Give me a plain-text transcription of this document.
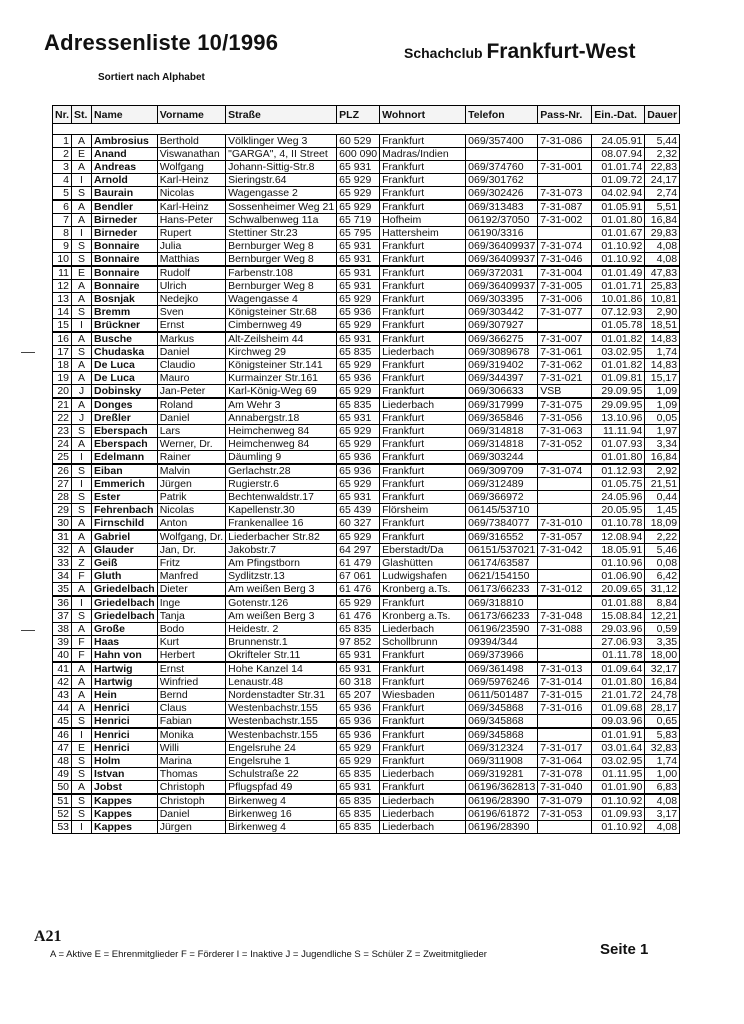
Adressenliste 10/1996	Schachclub Frankfurt-West
Sortiert nach Alphabet
Nr.	St.	Name	Vorname	Straße	PLZ	Wohnort	Telefon	Pass-Nr.	Ein.-Dat.	Dauer

1	A	Ambrosius	Berthold	Völklinger Weg 3	60 529	Frankfurt	069/357400	7-31-086	24.05.91	5,44
2	E	Anand	Viswanathan	"GARGA", 4, II Street	600 090	Madras/Indien			08.07.94	2,32
3	A	Andreas	Wolfgang	Johann-Sittig-Str.8	65 931	Frankfurt	069/374760	7-31-001	01.01.74	22,83
4	I	Arnold	Karl-Heinz	Sieringstr.64	65 929	Frankfurt	069/301762		01.09.72	24,17
5	S	Baurain	Nicolas	Wagengasse 2	65 929	Frankfurt	069/302426	7-31-073	04.02.94	2,74
6	A	Bendler	Karl-Heinz	Sossenheimer Weg 21	65 929	Frankfurt	069/313483	7-31-087	01.05.91	5,51
7	A	Birneder	Hans-Peter	Schwalbenweg 11a	65 719	Hofheim	06192/37050	7-31-002	01.01.80	16,84
8	I	Birneder	Rupert	Stettiner Str.23	65 795	Hattersheim	06190/3316		01.01.67	29,83
9	S	Bonnaire	Julia	Bernburger Weg 8	65 931	Frankfurt	069/36409937	7-31-074	01.10.92	4,08
10	S	Bonnaire	Matthias	Bernburger Weg 8	65 931	Frankfurt	069/36409937	7-31-046	01.10.92	4,08
11	E	Bonnaire	Rudolf	Farbenstr.108	65 931	Frankfurt	069/372031	7-31-004	01.01.49	47,83
12	A	Bonnaire	Ulrich	Bernburger Weg 8	65 931	Frankfurt	069/36409937	7-31-005	01.01.71	25,83
13	A	Bosnjak	Nedejko	Wagengasse 4	65 929	Frankfurt	069/303395	7-31-006	10.01.86	10,81
14	S	Bremm	Sven	Königsteiner Str.68	65 936	Frankfurt	069/303442	7-31-077	07.12.93	2,90
15	I	Brückner	Ernst	Cimbernweg 49	65 929	Frankfurt	069/307927		01.05.78	18,51
16	A	Busche	Markus	Alt-Zeilsheim 44	65 931	Frankfurt	069/366275	7-31-007	01.01.82	14,83
17	S	Chudaska	Daniel	Kirchweg 29	65 835	Liederbach	069/3089678	7-31-061	03.02.95	1,74
18	A	De Luca	Claudio	Königsteiner Str.141	65 929	Frankfurt	069/319402	7-31-062	01.01.82	14,83
19	A	De Luca	Mauro	Kurmainzer Str.161	65 936	Frankfurt	069/344397	7-31-021	01.09.81	15,17
20	J	Dobinsky	Jan-Peter	Karl-König-Weg 69	65 929	Frankfurt	069/306633	VSB	29.09.95	1,09
21	A	Donges	Roland	Am Wehr 3	65 835	Liederbach	069/317999	7-31-075	29.09.95	1,09
22	J	Dreßler	Daniel	Annabergstr.18	65 931	Frankfurt	069/365846	7-31-056	13.10.96	0,05
23	S	Eberspach	Lars	Heimchenweg 84	65 929	Frankfurt	069/314818	7-31-063	11.11.94	1,97
24	A	Eberspach	Werner, Dr.	Heimchenweg 84	65 929	Frankfurt	069/314818	7-31-052	01.07.93	3,34
25	I	Edelmann	Rainer	Däumling 9	65 936	Frankfurt	069/303244		01.01.80	16,84
26	S	Eiban	Malvin	Gerlachstr.28	65 936	Frankfurt	069/309709	7-31-074	01.12.93	2,92
27	I	Emmerich	Jürgen	Rugierstr.6	65 929	Frankfurt	069/312489		01.05.75	21,51
28	S	Ester	Patrik	Bechtenwaldstr.17	65 931	Frankfurt	069/366972		24.05.96	0,44
29	S	Fehrenbach	Nicolas	Kapellenstr.30	65 439	Flörsheim	06145/53710		20.05.95	1,45
30	A	Firnschild	Anton	Frankenallee 16	60 327	Frankfurt	069/7384077	7-31-010	01.10.78	18,09
31	A	Gabriel	Wolfgang, Dr.	Liederbacher Str.82	65 929	Frankfurt	069/316552	7-31-057	12.08.94	2,22
32	A	Glauder	Jan, Dr.	Jakobstr.7	64 297	Eberstadt/Da	06151/537021	7-31-042	18.05.91	5,46
33	Z	Geiß	Fritz	Am Pfingstborn	61 479	Glashütten	06174/63587		01.10.96	0,08
34	F	Gluth	Manfred	Sydlitzstr.13	67 061	Ludwigshafen	0621/154150		01.06.90	6,42
35	A	Griedelbach	Dieter	Am weißen Berg 3	61 476	Kronberg a.Ts.	06173/66233	7-31-012	20.09.65	31,12
36	I	Griedelbach	Inge	Gotenstr.126	65 929	Frankfurt	069/318810		01.01.88	8,84
37	S	Griedelbach	Tanja	Am weißen Berg 3	61 476	Kronberg a.Ts.	06173/66233	7-31-048	15.08.84	12,21
38	A	Große	Bodo	Heidestr. 2	65 835	Liederbach	06196/23590	7-31-088	29.03.96	0,59
39	F	Haas	Kurt	Brunnenstr.1	97 852	Schollbrunn	09394/344		27.06.93	3,35
40	F	Hahn von	Herbert	Okrifteler Str.11	65 931	Frankfurt	069/373966		01.11.78	18,00
41	A	Hartwig	Ernst	Hohe Kanzel 14	65 931	Frankfurt	069/361498	7-31-013	01.09.64	32,17
42	A	Hartwig	Winfried	Lenaustr.48	60 318	Frankfurt	069/5976246	7-31-014	01.01.80	16,84
43	A	Hein	Bernd	Nordenstadter Str.31	65 207	Wiesbaden	0611/501487	7-31-015	21.01.72	24,78
44	A	Henrici	Claus	Westenbachstr.155	65 936	Frankfurt	069/345868	7-31-016	01.09.68	28,17
45	S	Henrici	Fabian	Westenbachstr.155	65 936	Frankfurt	069/345868		09.03.96	0,65
46	I	Henrici	Monika	Westenbachstr.155	65 936	Frankfurt	069/345868		01.01.91	5,83
47	E	Henrici	Willi	Engelsruhe 24	65 929	Frankfurt	069/312324	7-31-017	03.01.64	32,83
48	S	Holm	Marina	Engelsruhe 1	65 929	Frankfurt	069/311908	7-31-064	03.02.95	1,74
49	S	Istvan	Thomas	Schulstraße 22	65 835	Liederbach	069/319281	7-31-078	01.11.95	1,00
50	A	Jobst	Christoph	Pflugspfad 49	65 931	Frankfurt	06196/362813	7-31-040	01.01.90	6,83
51	S	Kappes	Christoph	Birkenweg 4	65 835	Liederbach	06196/28390	7-31-079	01.10.92	4,08
52	S	Kappes	Daniel	Birkenweg 16	65 835	Liederbach	06196/61872	7-31-053	01.09.93	3,17
53	I	Kappes	Jürgen	Birkenweg 4	65 835	Liederbach	06196/28390		01.10.92	4,08
A21
A = Aktive E = Ehrenmitglieder F = Förderer I = Inaktive J = Jugendliche S = Schüler Z = Zweitmitglieder	Seite 1
